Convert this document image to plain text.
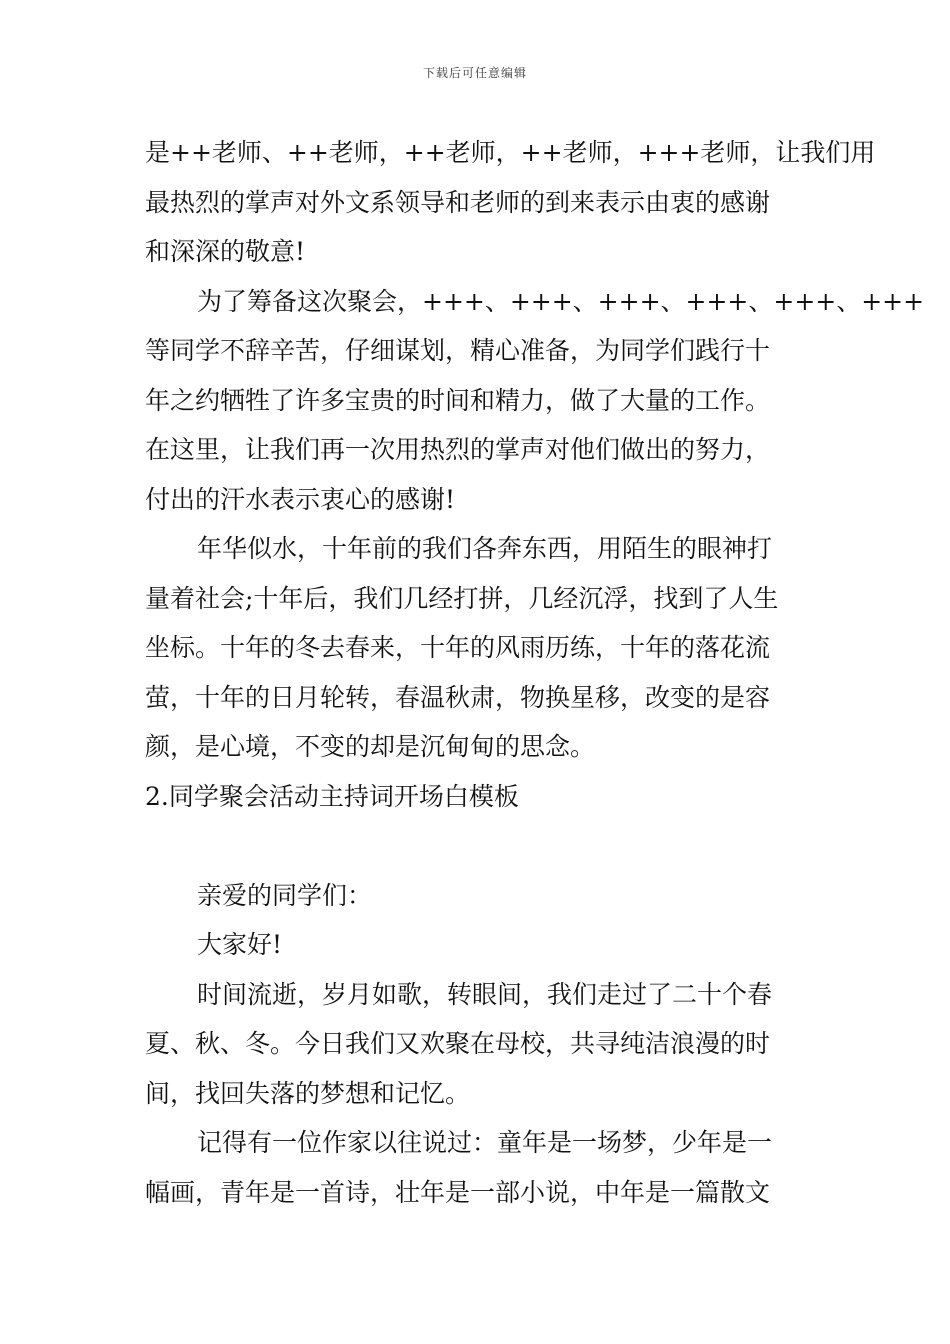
下载后可任意编辑
是++老师、++老师，++老师，++老师，+++老师，让我们用
最热烈的掌声对外文系领导和老师的到来表示由衷的感谢
和深深的敬意!
为了筹备这次聚会，+++、+++、+++、+++、+++、+++
等同学不辞辛苦，仔细谋划，精心准备，为同学们践行十
年之约牺牲了许多宝贵的时间和精力，做了大量的工作。
在这里，让我们再一次用热烈的掌声对他们做出的努力，
付出的汗水表示衷心的感谢!
年华似水，十年前的我们各奔东西，用陌生的眼神打
量着社会;十年后，我们几经打拼，几经沉浮，找到了人生
坐标。十年的冬去春来，十年的风雨历练，十年的落花流
萤，十年的日月轮转，春温秋肃，物换星移，改变的是容
颜，是心境，不变的却是沉甸甸的思念。
2.同学聚会活动主持词开场白模板
亲爱的同学们：
大家好!
时间流逝，岁月如歌，转眼间，我们走过了二十个春
夏、秋、冬。今日我们又欢聚在母校，共寻纯洁浪漫的时
间，找回失落的梦想和记忆。
记得有一位作家以往说过：童年是一场梦，少年是一
幅画，青年是一首诗，壮年是一部小说，中年是一篇散文
